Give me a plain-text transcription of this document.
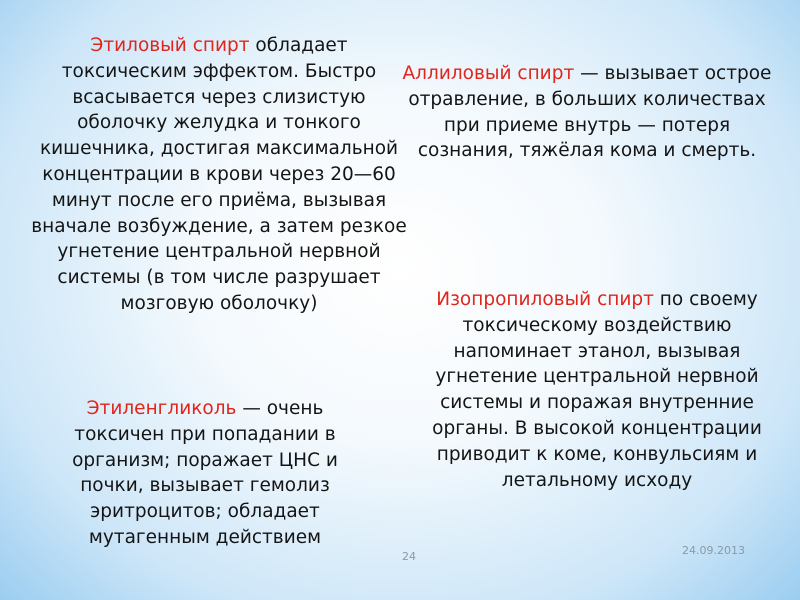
Этиловый спирт обладает токсическим эффектом. Быстро всасывается через слизистую оболочку желудка и тонкого кишечника, достигая максимальной концентрации в крови через 20—60 минут после его приёма, вызывая вначале возбуждение, а затем резкое угнетение центральной нервной системы (в том числе разрушает мозговую оболочку)

Аллиловый спирт — вызывает острое отравление, в больших количествах при приеме внутрь — потеря сознания, тяжёлая кома и смерть.

Этиленгликоль — очень токсичен при попадании в организм; поражает ЦНС и почки, вызывает гемолиз эритроцитов; обладает мутагенным действием

Изопропиловый спирт по своему токсическому воздействию напоминает этанол, вызывая угнетение центральной нервной системы и поражая внутренние органы. В высокой концентрации приводит к коме, конвульсиям и летальному исходу

24	24.09.2013
